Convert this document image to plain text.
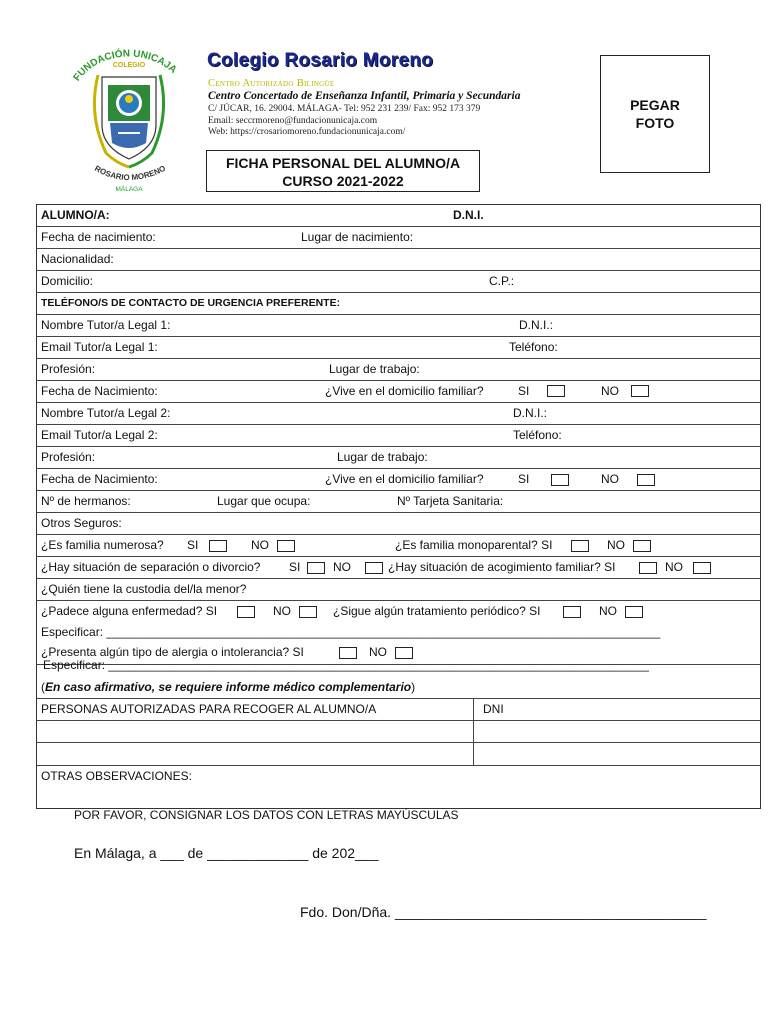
FUNDACIÓN UNICAJA
COLEGIO
ROSARIO MORENO
MÁLAGA
Colegio Rosario Moreno
Centro Autorizado Bilingüe
Centro Concertado de Enseñanza Infantil, Primaria y Secundaria
C/ JÚCAR, 16. 29004. MÁLAGA- Tel: 952 231 239/ Fax: 952 173 379
Email: seccrmoreno@fundacionunicaja.com
Web: https://crosariomoreno.fundacionunicaja.com/
PEGAR
FOTO
FICHA PERSONAL DEL ALUMNO/A
CURSO 2021-2022
ALUMNO/A:	D.N.I.
Fecha de nacimiento:	Lugar de nacimiento:
Nacionalidad:
Domicilio:	C.P.:
TELÉFONO/S DE CONTACTO DE URGENCIA PREFERENTE:
Nombre Tutor/a Legal 1:	D.N.I.:
Email Tutor/a Legal 1:	Teléfono:
Profesión:	Lugar de trabajo:
Fecha de Nacimiento:	¿Vive en el domicilio familiar?	SI	NO
Nombre Tutor/a Legal 2:	D.N.I.:
Email Tutor/a Legal 2:	Teléfono:
Profesión:	Lugar de trabajo:
Fecha de Nacimiento:	¿Vive en el domicilio familiar?	SI	NO
Nº de hermanos:	Lugar que ocupa:	Nº Tarjeta Sanitaria:
Otros Seguros:
¿Es familia numerosa? SI	NO	¿Es familia monoparental? SI	NO
¿Hay situación de separación o divorcio? SI	NO	¿Hay situación de acogimiento familiar? SI	NO
¿Quién tiene la custodia del/la menor?
¿Padece alguna enfermedad? SI	NO	¿Sigue algún tratamiento periódico? SI	NO
Especificar: ___________________________________________________________________________________
¿Presenta algún tipo de alergia o intolerancia? SI	NO
Especificar: _________________________________________________________________________________
(En caso afirmativo, se requiere informe médico complementario)
PERSONAS AUTORIZADAS PARA RECOGER AL ALUMNO/A	DNI
OTRAS OBSERVACIONES:
POR FAVOR, CONSIGNAR LOS DATOS CON LETRAS MAYÚSCULAS
En Málaga, a ___ de _____________ de 202___
Fdo. Don/Dña. ________________________________________
